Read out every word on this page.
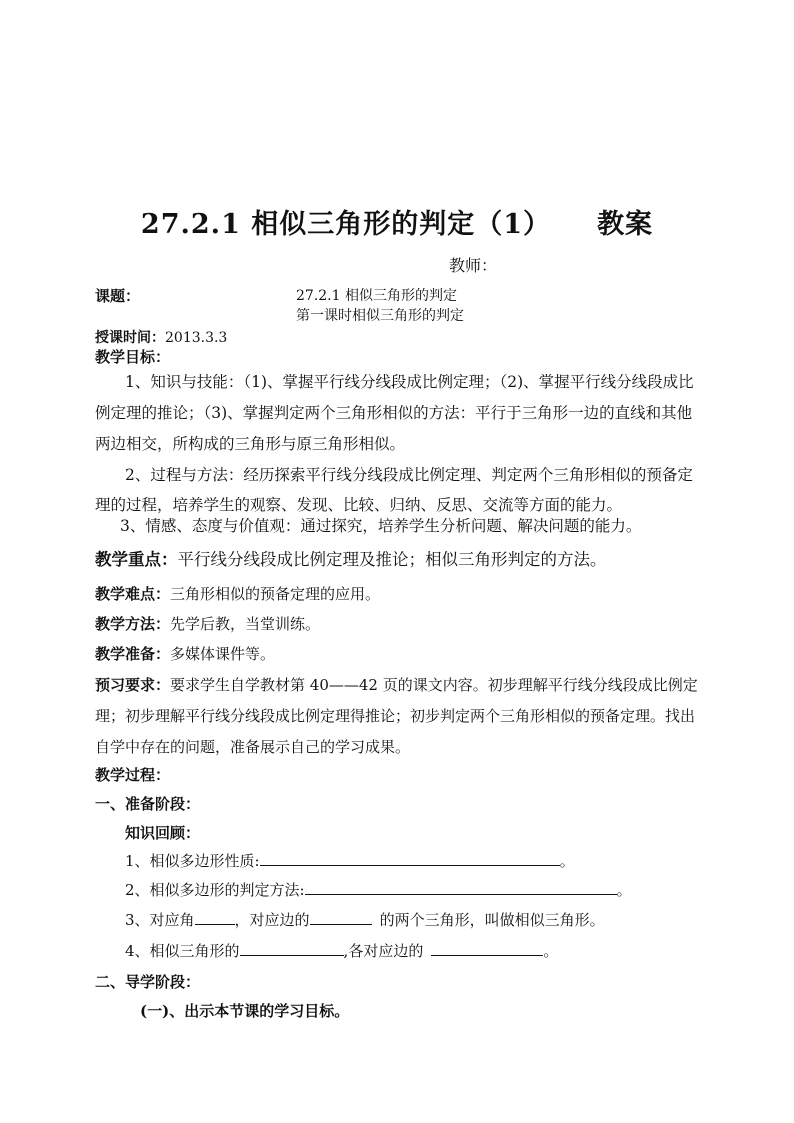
27.2.1 相似三角形的判定（1） 教案
教师：
课题：	27.2.1 相似三角形的判定
第一课时相似三角形的判定
授课时间：2013.3.3
教学目标：
1、知识与技能：（1)、掌握平行线分线段成比例定理；（2)、掌握平行线分线段成比例定理的推论；（3)、掌握判定两个三角形相似的方法：平行于三角形一边的直线和其他两边相交，所构成的三角形与原三角形相似。
2、过程与方法：经历探索平行线分线段成比例定理、判定两个三角形相似的预备定理的过程，培养学生的观察、发现、比较、归纳、反思、交流等方面的能力。
3、情感、态度与价值观：通过探究，培养学生分析问题、解决问题的能力。
教学重点：平行线分线段成比例定理及推论；相似三角形判定的方法。
教学难点：三角形相似的预备定理的应用。
教学方法：先学后教，当堂训练。
教学准备：多媒体课件等。
预习要求：要求学生自学教材第 40——42 页的课文内容。初步理解平行线分线段成比例定理；初步理解平行线分线段成比例定理得推论；初步判定两个三角形相似的预备定理。找出自学中存在的问题，准备展示自己的学习成果。
教学过程：
一、准备阶段：
知识回顾：
1、相似多边形性质:	。
2、相似多边形的判定方法:	。
3、对应角	，对应边的	的两个三角形，叫做相似三角形。
4、相似三角形的	,各对应边的	。
二、导学阶段：
(一)、出示本节课的学习目标。
